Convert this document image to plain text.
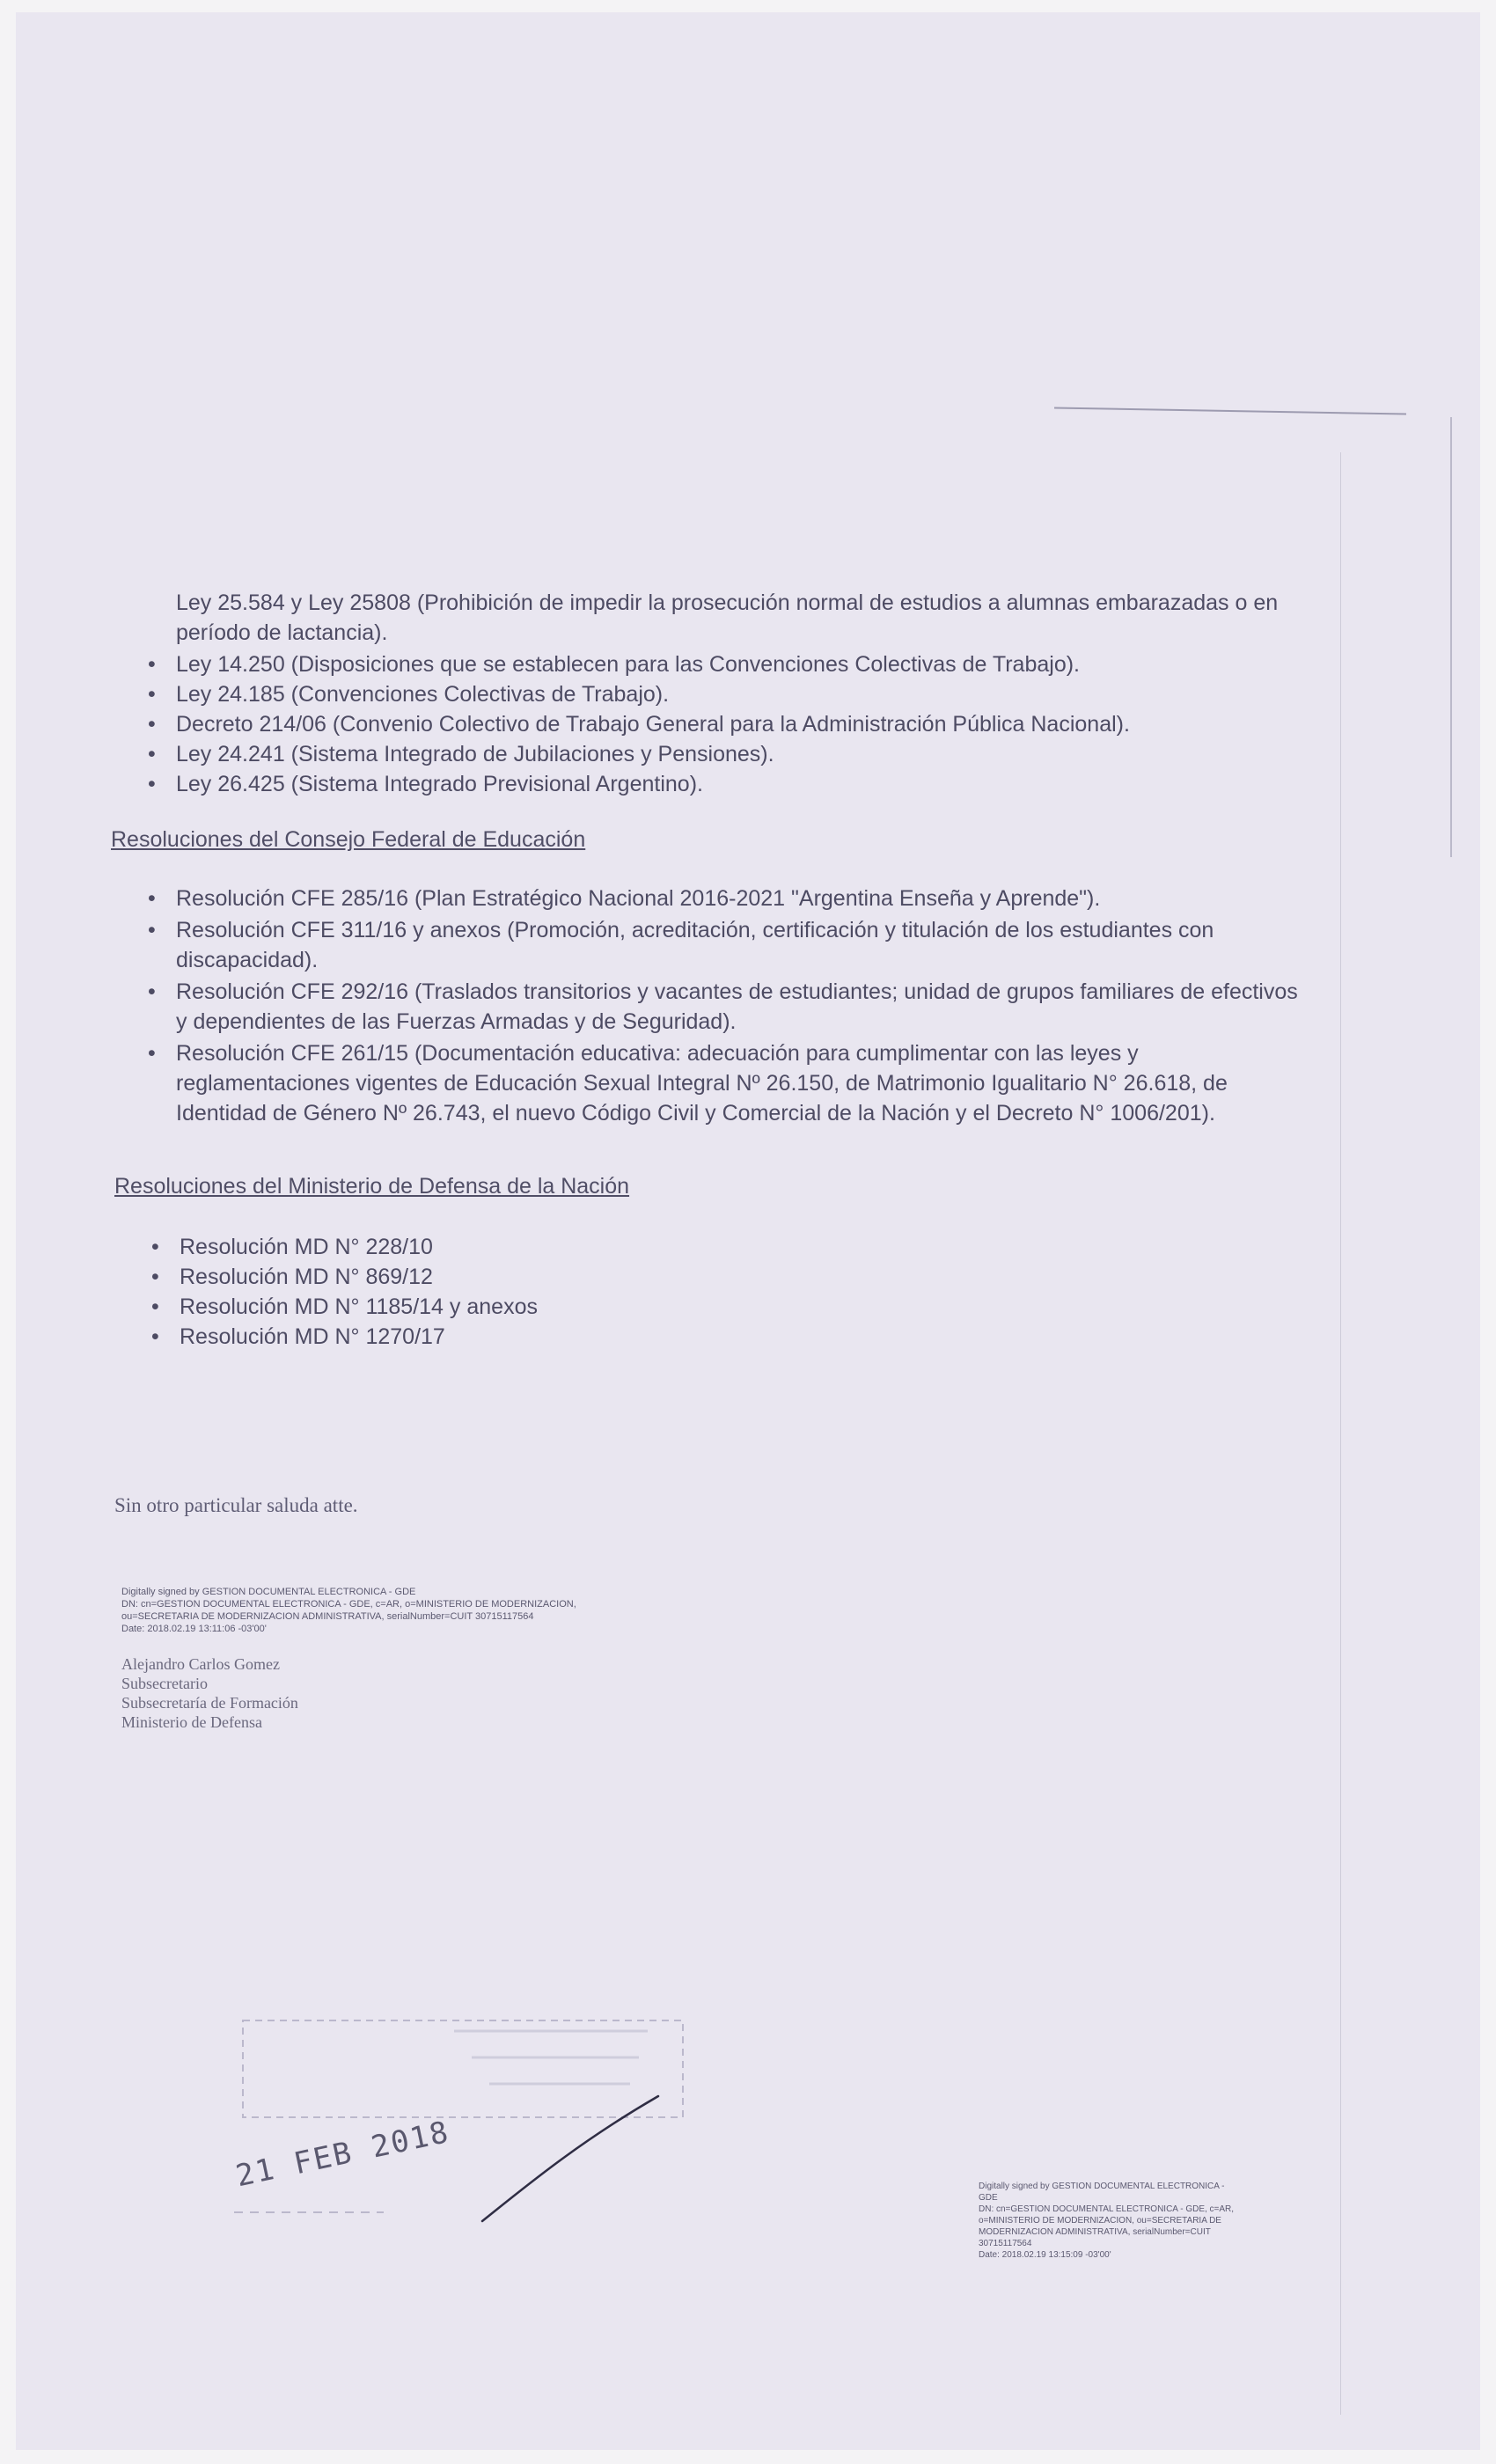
Ley 25.584 y Ley 25808 (Prohibición de impedir la prosecución normal de estudios a alumnas embarazadas o en período de lactancia).
• Ley 14.250 (Disposiciones que se establecen para las Convenciones Colectivas de Trabajo).
• Ley 24.185 (Convenciones Colectivas de Trabajo).
• Decreto 214/06 (Convenio Colectivo de Trabajo General para la Administración Pública Nacional).
• Ley 24.241 (Sistema Integrado de Jubilaciones y Pensiones).
• Ley 26.425 (Sistema Integrado Previsional Argentino).
Resoluciones del Consejo Federal de Educación
• Resolución CFE 285/16 (Plan Estratégico Nacional 2016-2021 "Argentina Enseña y Aprende").
• Resolución CFE 311/16 y anexos (Promoción, acreditación, certificación y titulación de los estudiantes con discapacidad).
• Resolución CFE 292/16 (Traslados transitorios y vacantes de estudiantes; unidad de grupos familiares de efectivos y dependientes de las Fuerzas Armadas y de Seguridad).
• Resolución CFE 261/15 (Documentación educativa: adecuación para cumplimentar con las leyes y reglamentaciones vigentes de Educación Sexual Integral Nº 26.150, de Matrimonio Igualitario N° 26.618, de Identidad de Género Nº 26.743, el nuevo Código Civil y Comercial de la Nación y el Decreto N° 1006/201).
Resoluciones del Ministerio de Defensa de la Nación
• Resolución MD N° 228/10
• Resolución MD N° 869/12
• Resolución MD N° 1185/14 y anexos
• Resolución MD N° 1270/17
Sin otro particular saluda atte.
Digitally signed by GESTION DOCUMENTAL ELECTRONICA - GDE
DN: cn=GESTION DOCUMENTAL ELECTRONICA - GDE, c=AR, o=MINISTERIO DE MODERNIZACION,
ou=SECRETARIA DE MODERNIZACION ADMINISTRATIVA, serialNumber=CUIT 30715117564
Date: 2018.02.19 13:11:06 -03'00'
Alejandro Carlos Gomez
Subsecretario
Subsecretaría de Formación
Ministerio de Defensa
21 FEB 2018	Digitally signed by GESTION DOCUMENTAL ELECTRONICA -
GDE
DN: cn=GESTION DOCUMENTAL ELECTRONICA - GDE, c=AR,
o=MINISTERIO DE MODERNIZACION, ou=SECRETARIA DE
MODERNIZACION ADMINISTRATIVA, serialNumber=CUIT
30715117564
Date: 2018.02.19 13:15:09 -03'00'
